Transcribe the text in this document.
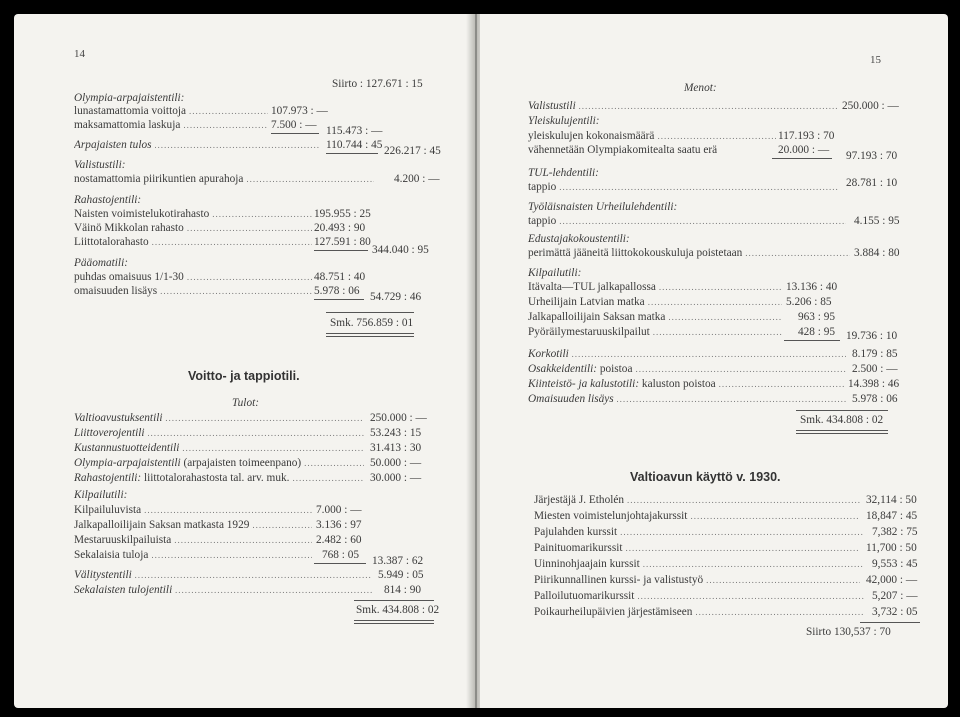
14
Siirto : 127.671 : 15
Olympia-arpajaistentili:
lunastamattomia voittoja .....	107.973 : —
maksamattomia laskuja .....	7.500 : — 115.473 : —
Arpajaisten tulos .....	110.744 : 45 226.217 : 45
Valistustili:
nostamattomia piirikuntien apurahoja .....	4.200 : —
Rahastojentili:
Naisten voimistelukotirahasto .....	195.955 : 25
Väinö Mikkolan rahasto .....	20.493 : 90
Liittotalorahasto .....	127.591 : 80
344.040 : 95
Pääomatili:
puhdas omaisuus 1/1-30 .....	48.751 : 40
omaisuuden lisäys .....	5.978 : 06 54.729 : 46
Smk. 756.859 : 01
Voitto- ja tappiotili.
Tulot:
Valtioavustuksentili .....	250.000 : —
Liittoverojentili .....	53.243 : 15
Kustannustuotteidentili .....	31.413 : 30
Olympia-arpajaistentili (arpajaisten toimeenpano) .....	50.000 : —
Rahastojentili: liittotalorahastosta tal. arv. muk. .....	30.000 : —
Kilpailutili:
Kilpailuluvista .....	7.000 : —
Jalkapalloilijain Saksan matkasta 1929 .....	3.136 : 97
Mestaruuskilpailuista .....	2.482 : 60
Sekalaisia tuloja .....	768 : 05 13.387 : 62
Välitystentili .....	5.949 : 05
Sekalaisten tulojentili .....	814 : 90
Smk. 434.808 : 02
15
Menot:
Valistustili .....	250.000 : —
Yleiskulujentili:
yleiskulujen kokonaismäärä .....	117.193 : 70
vähennetään Olympiakomitealta saatu erä	20.000 : — 97.193 : 70
TUL-lehdentili:
tappio .....	28.781 : 10
Työläisnaisten Urheilulehdentili:
tappio .....	4.155 : 95
Edustajakokoustentili:
perimättä jääneitä liittokokouskuluja poistetaan .....	3.884 : 80
Kilpailutili:
Itävalta—TUL jalkapallossa .....	13.136 : 40
Urheilijain Latvian matka .....	5.206 : 85
Jalkapalloilijain Saksan matka .....	963 : 95
Pyöräilymestaruuskilpailut .....	428 : 95 19.736 : 10
Korkotili .....	8.179 : 85
Osakkeidentili: poistoa .....	2.500 : —
Kiinteistö- ja kalustotili: kaluston poistoa .....	14.398 : 46
Omaisuuden lisäys .....	5.978 : 06
Smk. 434.808 : 02
Valtioavun käyttö v. 1930.
Järjestäjä J. Etholén .....	32,114 : 50
Miesten voimistelunjohtajakurssit .....	18,847 : 45
Pajulahden kurssit .....	7,382 : 75
Painituomarikurssit .....	11,700 : 50
Uinninohjaajain kurssit .....	9,553 : 45
Piirikunnallinen kurssi- ja valistustyö .....	42,000 : —
Palloilutuomarikurssit .....	5,207 : —
Poikaurheilupäivien järjestämiseen .....	3,732 : 05
Siirto 130,537 : 70
